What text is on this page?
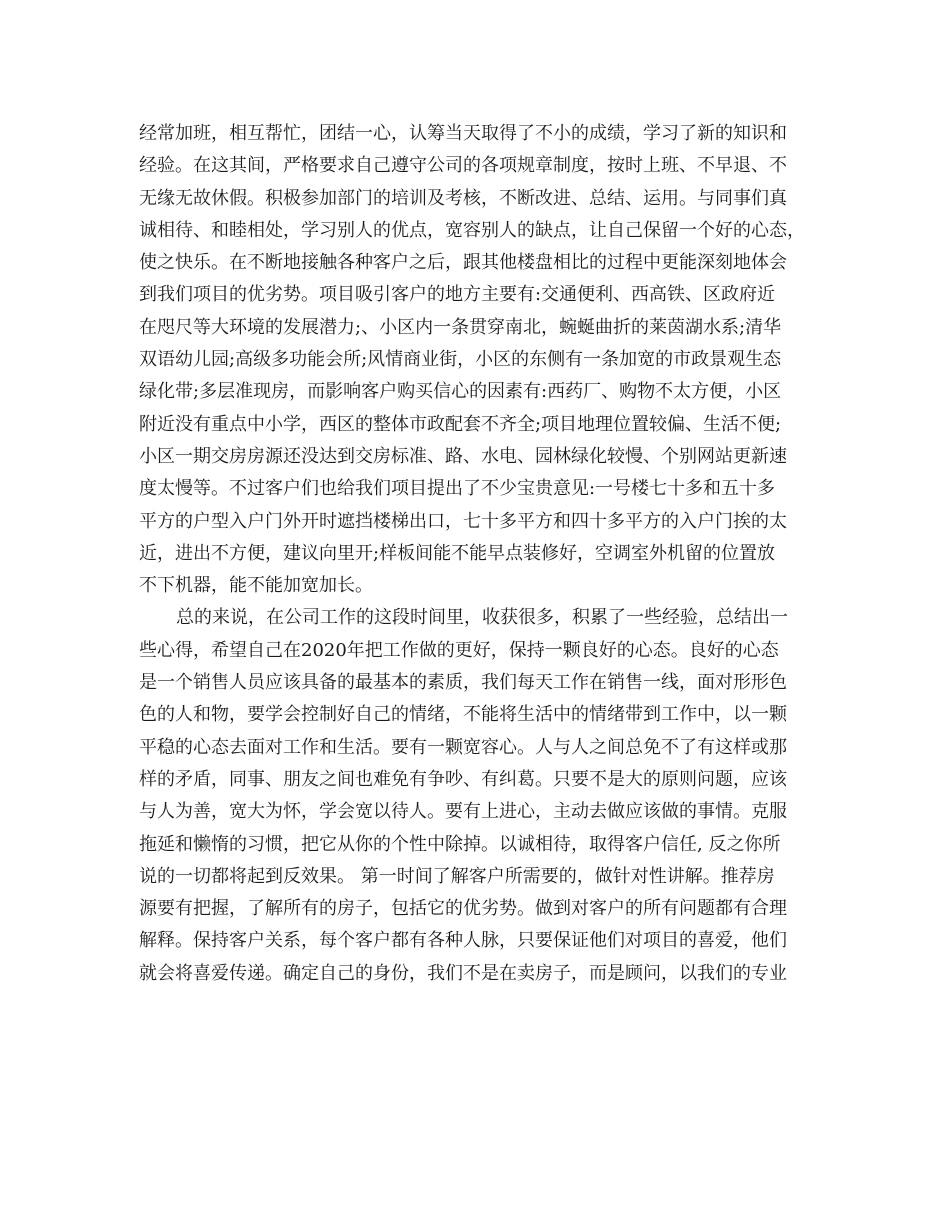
经常加班，相互帮忙，团结一心，认筹当天取得了不小的成绩，学习了新的知识和
经验。在这其间，严格要求自己遵守公司的各项规章制度，按时上班、不早退、不
无缘无故休假。积极参加部门的培训及考核，不断改进、总结、运用。与同事们真
诚相待、和睦相处，学习别人的优点，宽容别人的缺点，让自己保留一个好的心态，
使之快乐。在不断地接触各种客户之后，跟其他楼盘相比的过程中更能深刻地体会
到我们项目的优劣势。项目吸引客户的地方主要有:交通便利、西高铁、区政府近
在咫尺等大环境的发展潜力;、小区内一条贯穿南北，蜿蜒曲折的莱茵湖水系;清华
双语幼儿园;高级多功能会所;风情商业街，小区的东侧有一条加宽的市政景观生态
绿化带;多层准现房，而影响客户购买信心的因素有:西药厂、购物不太方便，小区
附近没有重点中小学，西区的整体市政配套不齐全;项目地理位置较偏、生活不便;
小区一期交房房源还没达到交房标准、路、水电、园林绿化较慢、个别网站更新速
度太慢等。不过客户们也给我们项目提出了不少宝贵意见:一号楼七十多和五十多
平方的户型入户门外开时遮挡楼梯出口，七十多平方和四十多平方的入户门挨的太
近，进出不方便，建议向里开;样板间能不能早点装修好，空调室外机留的位置放
不下机器，能不能加宽加长。
总的来说，在公司工作的这段时间里，收获很多，积累了一些经验，总结出一
些心得，希望自己在2020年把工作做的更好，保持一颗良好的心态。良好的心态
是一个销售人员应该具备的最基本的素质，我们每天工作在销售一线，面对形形色
色的人和物，要学会控制好自己的情绪，不能将生活中的情绪带到工作中，以一颗
平稳的心态去面对工作和生活。要有一颗宽容心。人与人之间总免不了有这样或那
样的矛盾，同事、朋友之间也难免有争吵、有纠葛。只要不是大的原则问题，应该
与人为善，宽大为怀，学会宽以待人。要有上进心，主动去做应该做的事情。克服
拖延和懒惰的习惯，把它从你的个性中除掉。以诚相待，取得客户信任, 反之你所
说的一切都将起到反效果。 第一时间了解客户所需要的，做针对性讲解。推荐房
源要有把握，了解所有的房子，包括它的优劣势。做到对客户的所有问题都有合理
解释。保持客户关系，每个客户都有各种人脉，只要保证他们对项目的喜爱，他们
就会将喜爱传递。确定自己的身份，我们不是在卖房子，而是顾问，以我们的专业
